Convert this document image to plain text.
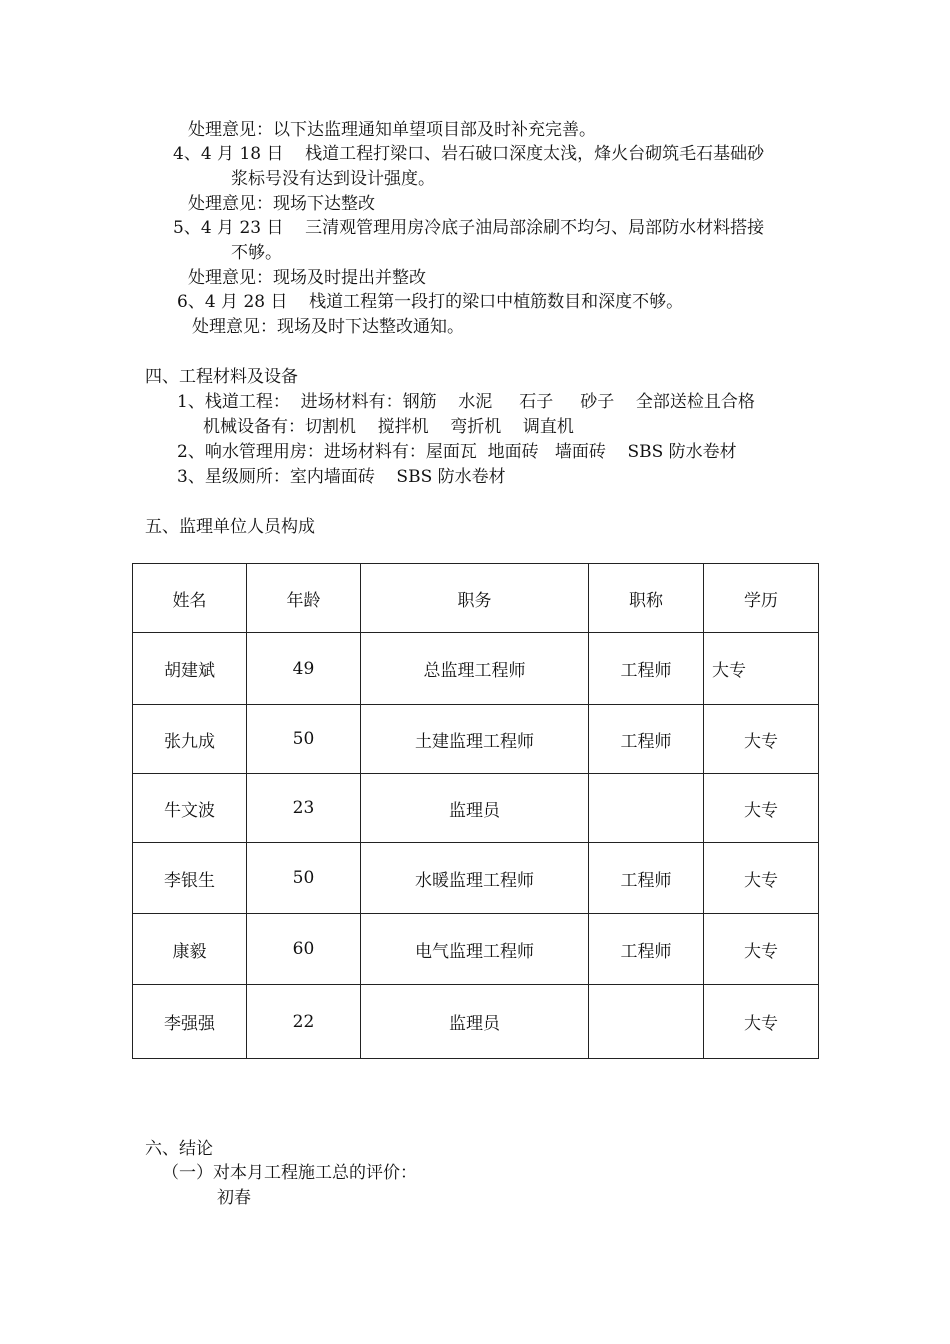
处理意见：以下达监理通知单望项目部及时补充完善。
4、4 月 18 日    栈道工程打梁口、岩石破口深度太浅，烽火台砌筑毛石基础砂
浆标号没有达到设计强度。
处理意见：现场下达整改
5、4 月 23 日    三清观管理用房冷底子油局部涂刷不均匀、局部防水材料搭接
不够。
处理意见：现场及时提出并整改
6、4 月 28 日    栈道工程第一段打的梁口中植筋数目和深度不够。
处理意见：现场及时下达整改通知。
四、工程材料及设备
1、栈道工程：  进场材料有：钢筋    水泥     石子     砂子    全部送检且合格
机械设备有：切割机    搅拌机    弯折机    调直机
2、响水管理用房：进场材料有：屋面瓦  地面砖   墙面砖    SBS 防水卷材
3、星级厕所：室内墙面砖    SBS 防水卷材
五、监理单位人员构成
姓名	年龄	职务	职称	学历
胡建斌	49	总监理工程师	工程师	大专
张九成	50	土建监理工程师	工程师	大专
牛文波	23	监理员		大专
李银生	50	水暖监理工程师	工程师	大专
康毅	60	电气监理工程师	工程师	大专
李强强	22	监理员		大专
六、结论
（一）对本月工程施工总的评价：
初春
